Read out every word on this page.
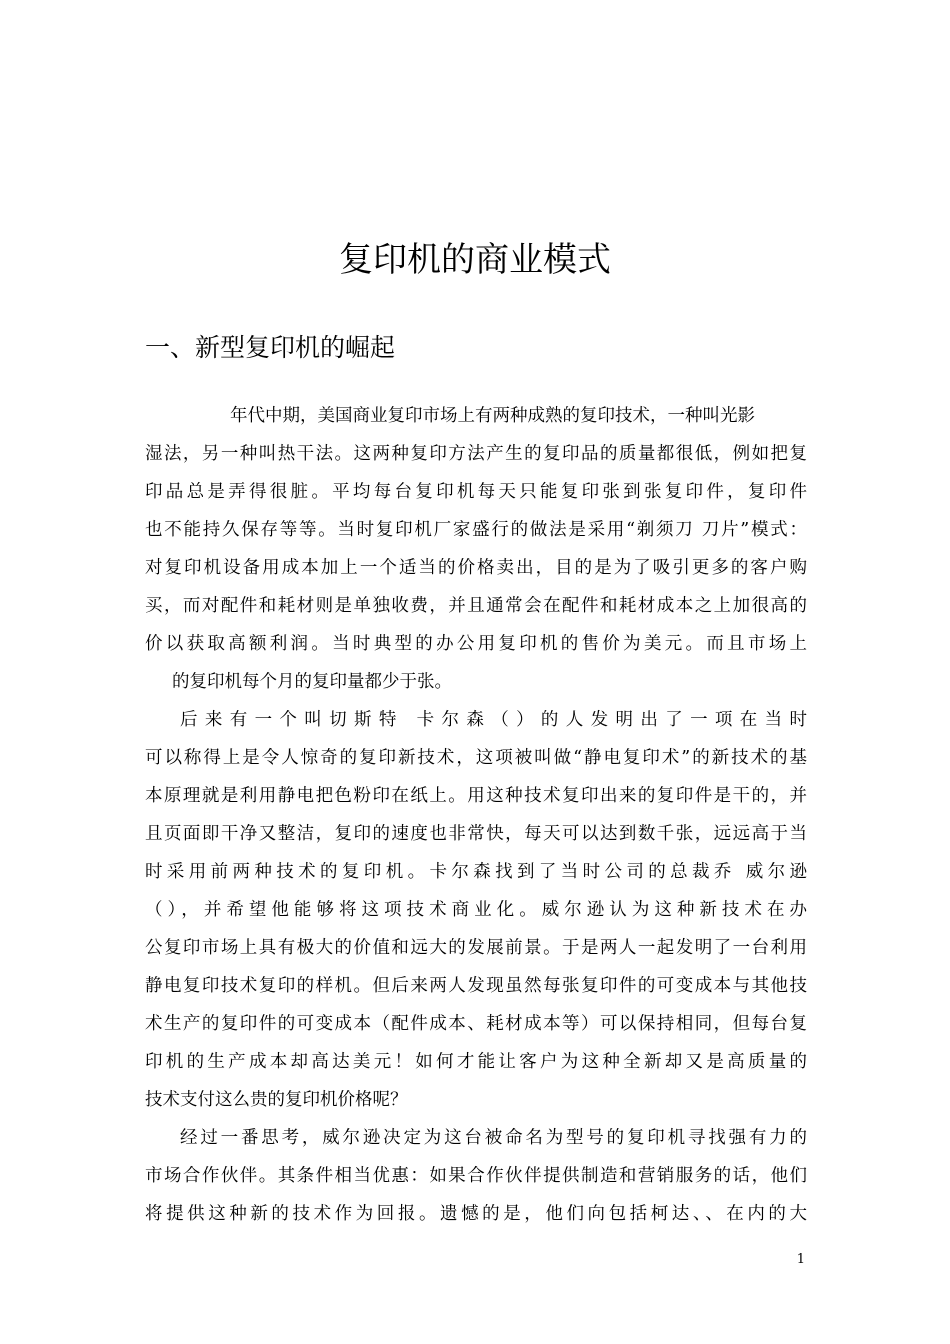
复印机的商业模式
一、新型复印机的崛起
年代中期，美国商业复印市场上有两种成熟的复印技术，一种叫光影
湿法，另一种叫热干法。这两种复印方法产生的复印品的质量都很低，例如把复
印品总是弄得很脏。平均每台复印机每天只能复印张到张复印件，复印件
也不能持久保存等等。当时复印机厂家盛行的做法是采用“剃须刀 刀片”模式：
对复印机设备用成本加上一个适当的价格卖出，目的是为了吸引更多的客户购
买，而对配件和耗材则是单独收费，并且通常会在配件和耗材成本之上加很高的
价以获取高额利润。当时典型的办公用复印机的售价为美元。而且市场上
的复印机每个月的复印量都少于张。
后来有一个叫切斯特 卡尔森（）的人发明出了一项在当时
可以称得上是令人惊奇的复印新技术，这项被叫做“静电复印术”的新技术的基
本原理就是利用静电把色粉印在纸上。用这种技术复印出来的复印件是干的，并
且页面即干净又整洁，复印的速度也非常快，每天可以达到数千张，远远高于当
时采用前两种技术的复印机。卡尔森找到了当时公司的总裁乔 威尔逊
（），并希望他能够将这项技术商业化。威尔逊认为这种新技术在办
公复印市场上具有极大的价值和远大的发展前景。于是两人一起发明了一台利用
静电复印技术复印的样机。但后来两人发现虽然每张复印件的可变成本与其他技
术生产的复印件的可变成本（配件成本、耗材成本等）可以保持相同，但每台复
印机的生产成本却高达美元！如何才能让客户为这种全新却又是高质量的
技术支付这么贵的复印机价格呢？
经过一番思考，威尔逊决定为这台被命名为型号的复印机寻找强有力的
市场合作伙伴。其条件相当优惠：如果合作伙伴提供制造和营销服务的话，他们
将提供这种新的技术作为回报。遗憾的是，他们向包括柯达、、在内的大
1
